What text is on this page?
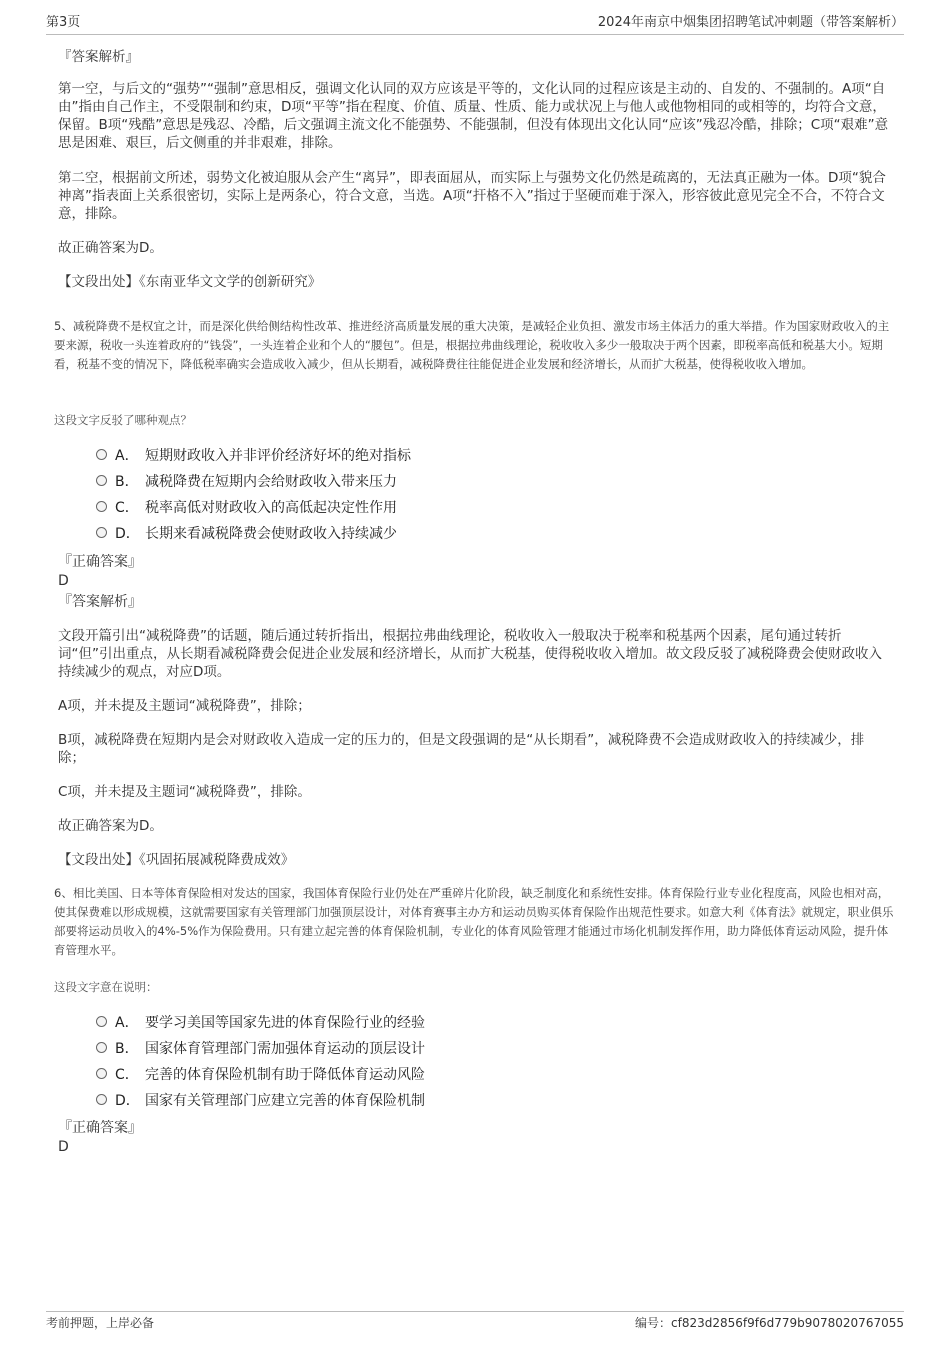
第3页	2024年南京中烟集团招聘笔试冲刺题（带答案解析）
『答案解析』
第一空，与后文的“强势”“强制”意思相反，强调文化认同的双方应该是平等的，文化认同的过程应该是主动的、自发的、不强制的。A项“自由”指由自己作主，不受限制和约束，D项“平等”指在程度、价值、质量、性质、能力或状况上与他人或他物相同的或相等的，均符合文意，保留。B项“残酷”意思是残忍、冷酷，后文强调主流文化不能强势、不能强制，但没有体现出文化认同“应该”残忍冷酷，排除；C项“艰难”意思是困难、艰巨，后文侧重的并非艰难，排除。
第二空，根据前文所述，弱势文化被迫服从会产生“离异”，即表面屈从，而实际上与强势文化仍然是疏离的，无法真正融为一体。D项“貌合神离”指表面上关系很密切，实际上是两条心，符合文意，当选。A项“扞格不入”指过于坚硬而难于深入，形容彼此意见完全不合，不符合文意，排除。
故正确答案为D。
【文段出处】《东南亚华文文学的创新研究》
5、减税降费不是权宜之计，而是深化供给侧结构性改革、推进经济高质量发展的重大决策，是减轻企业负担、激发市场主体活力的重大举措。作为国家财政收入的主要来源，税收一头连着政府的“钱袋”，一头连着企业和个人的“腰包”。但是，根据拉弗曲线理论，税收收入多少一般取决于两个因素，即税率高低和税基大小。短期看，税基不变的情况下，降低税率确实会造成收入减少，但从长期看，减税降费往往能促进企业发展和经济增长，从而扩大税基，使得税收收入增加。
这段文字反驳了哪种观点？
A． 短期财政收入并非评价经济好坏的绝对指标
B． 减税降费在短期内会给财政收入带来压力
C． 税率高低对财政收入的高低起决定性作用
D． 长期来看减税降费会使财政收入持续减少
『正确答案』
D
『答案解析』
文段开篇引出“减税降费”的话题，随后通过转折指出，根据拉弗曲线理论，税收收入一般取决于税率和税基两个因素，尾句通过转折词“但”引出重点，从长期看减税降费会促进企业发展和经济增长，从而扩大税基，使得税收收入增加。故文段反驳了减税降费会使财政收入持续减少的观点，对应D项。
A项，并未提及主题词“减税降费”，排除；
B项，减税降费在短期内是会对财政收入造成一定的压力的，但是文段强调的是“从长期看”，减税降费不会造成财政收入的持续减少，排除；
C项，并未提及主题词“减税降费”，排除。
故正确答案为D。
【文段出处】《巩固拓展减税降费成效》
6、相比美国、日本等体育保险相对发达的国家，我国体育保险行业仍处在严重碎片化阶段，缺乏制度化和系统性安排。体育保险行业专业化程度高，风险也相对高，使其保费难以形成规模，这就需要国家有关管理部门加强顶层设计，对体育赛事主办方和运动员购买体育保险作出规范性要求。如意大利《体育法》就规定，职业俱乐部要将运动员收入的4%-5%作为保险费用。只有建立起完善的体育保险机制，专业化的体育风险管理才能通过市场化机制发挥作用，助力降低体育运动风险，提升体育管理水平。
这段文字意在说明：
A． 要学习美国等国家先进的体育保险行业的经验
B． 国家体育管理部门需加强体育运动的顶层设计
C． 完善的体育保险机制有助于降低体育运动风险
D． 国家有关管理部门应建立完善的体育保险机制
『正确答案』
D
考前押题，上岸必备	编号：cf823d2856f9f6d779b9078020767055
